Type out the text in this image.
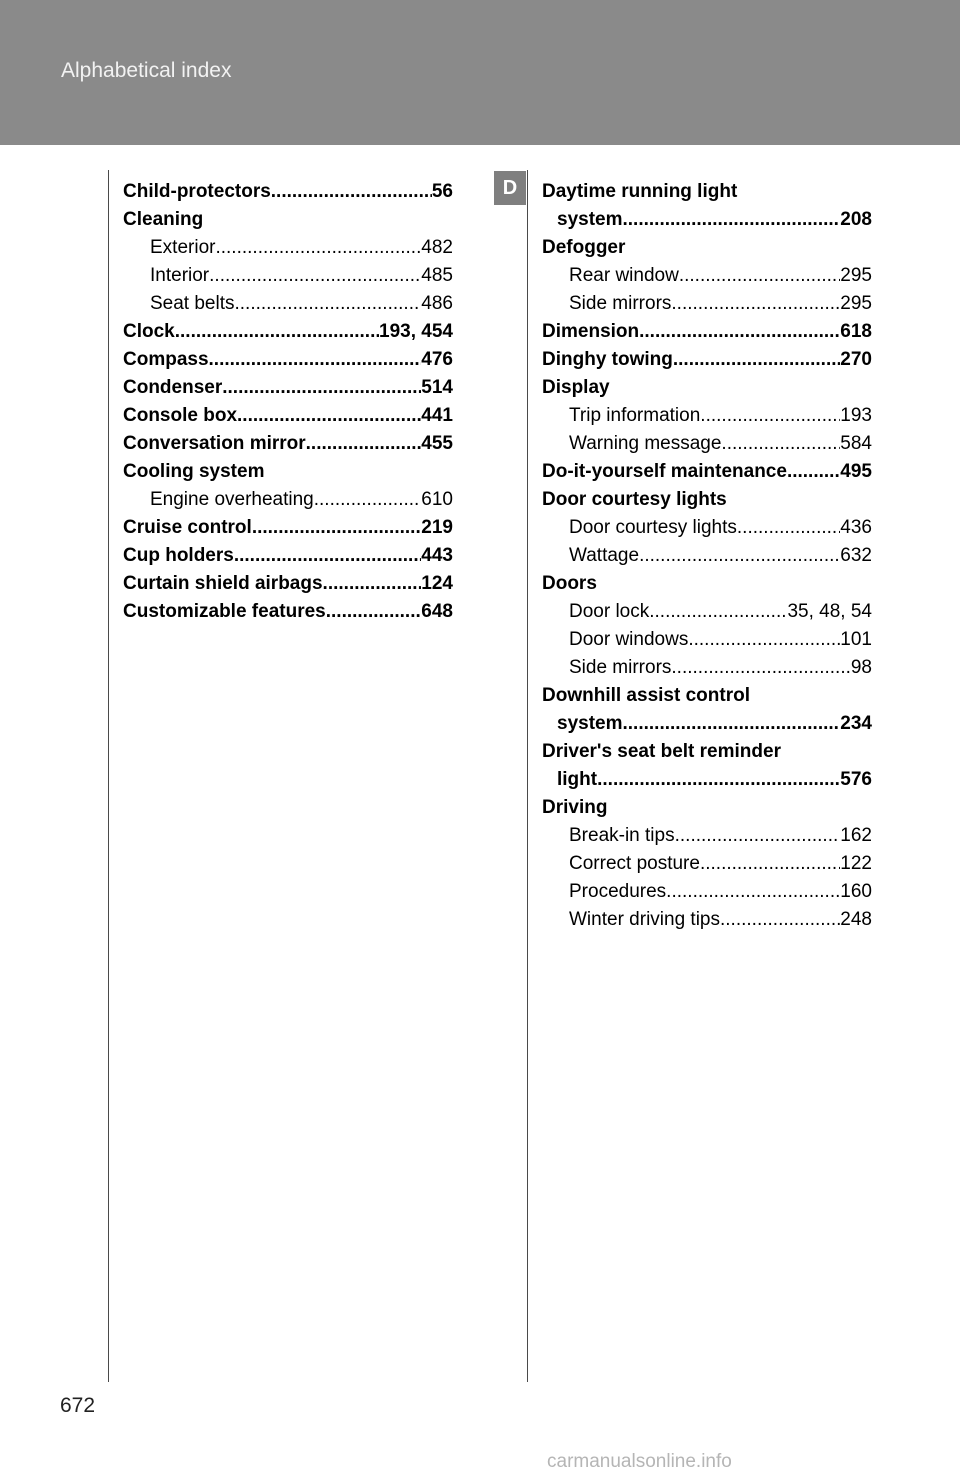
Alphabetical index
D
Child-protectors .....	56
Cleaning
Exterior .....	482
Interior .....	485
Seat belts .....	486
Clock .....	193, 454
Compass .....	476
Condenser .....	514
Console box .....	441
Conversation mirror .....	455
Cooling system
Engine overheating .....	610
Cruise control .....	219
Cup holders .....	443
Curtain shield airbags .....	124
Customizable features .....	648
Daytime running light
system .....	208
Defogger
Rear window .....	295
Side mirrors .....	295
Dimension .....	618
Dinghy towing .....	270
Display
Trip information .....	193
Warning message .....	584
Do-it-yourself maintenance .....	495
Door courtesy lights
Door courtesy lights .....	436
Wattage .....	632
Doors
Door lock .....	35, 48, 54
Door windows .....	101
Side mirrors .....	98
Downhill assist control
system .....	234
Driver's seat belt reminder
light .....	576
Driving
Break-in tips .....	162
Correct posture .....	122
Procedures .....	160
Winter driving tips .....	248
672
carmanualsonline.info
